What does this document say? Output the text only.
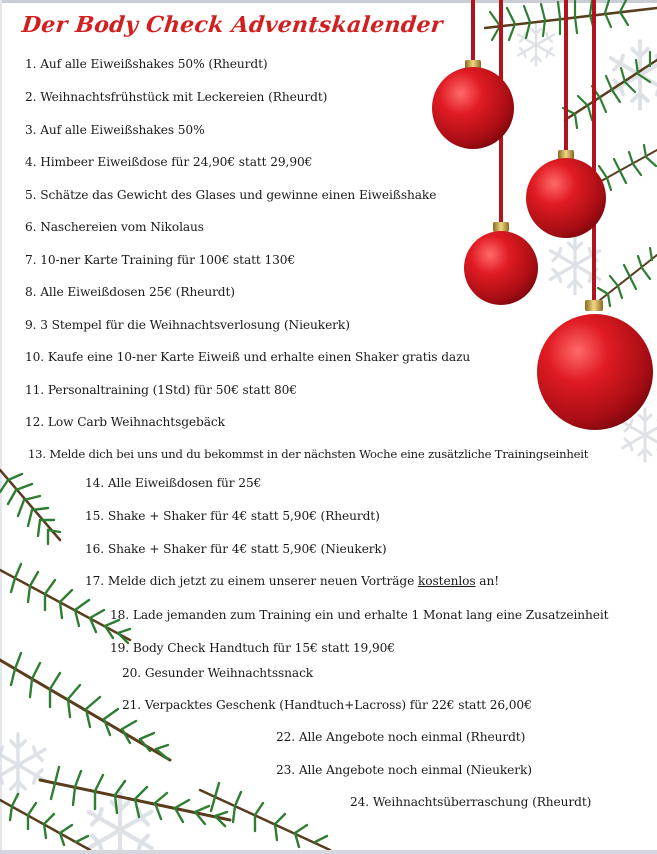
Der Body Check Adventskalender
1. Auf alle Eiweißshakes 50% (Rheurdt)
2. Weihnachtsfrühstück mit Leckereien (Rheurdt)
3. Auf alle Eiweißshakes 50%
4. Himbeer Eiweißdose für 24,90€ statt 29,90€
5. Schätze das Gewicht des Glases und gewinne einen Eiweißshake
6. Naschereien vom Nikolaus
7. 10-ner Karte Training für 100€ statt 130€
8. Alle Eiweißdosen 25€ (Rheurdt)
9. 3 Stempel für die Weihnachtsverlosung (Nieukerk)
10. Kaufe eine 10-ner Karte Eiweiß und erhalte einen Shaker gratis dazu
11. Personaltraining (1Std) für 50€ statt 80€
12. Low Carb Weihnachtsgebäck
13. Melde dich bei uns und du bekommst in der nächsten Woche eine zusätzliche Trainingseinheit
14. Alle Eiweißdosen für 25€
15. Shake + Shaker für 4€ statt 5,90€ (Rheurdt)
16. Shake + Shaker für 4€ statt 5,90€ (Nieukerk)
17. Melde dich jetzt zu einem unserer neuen Vorträge kostenlos an!
18. Lade jemanden zum Training ein und erhalte 1 Monat lang eine Zusatzeinheit
19. Body Check Handtuch für 15€ statt 19,90€
20. Gesunder Weihnachtssnack
21. Verpacktes Geschenk (Handtuch+Lacross) für 22€ statt 26,00€
22. Alle Angebote noch einmal (Rheurdt)
23. Alle Angebote noch einmal (Nieukerk)
24. Weihnachtsüberraschung (Rheurdt)
